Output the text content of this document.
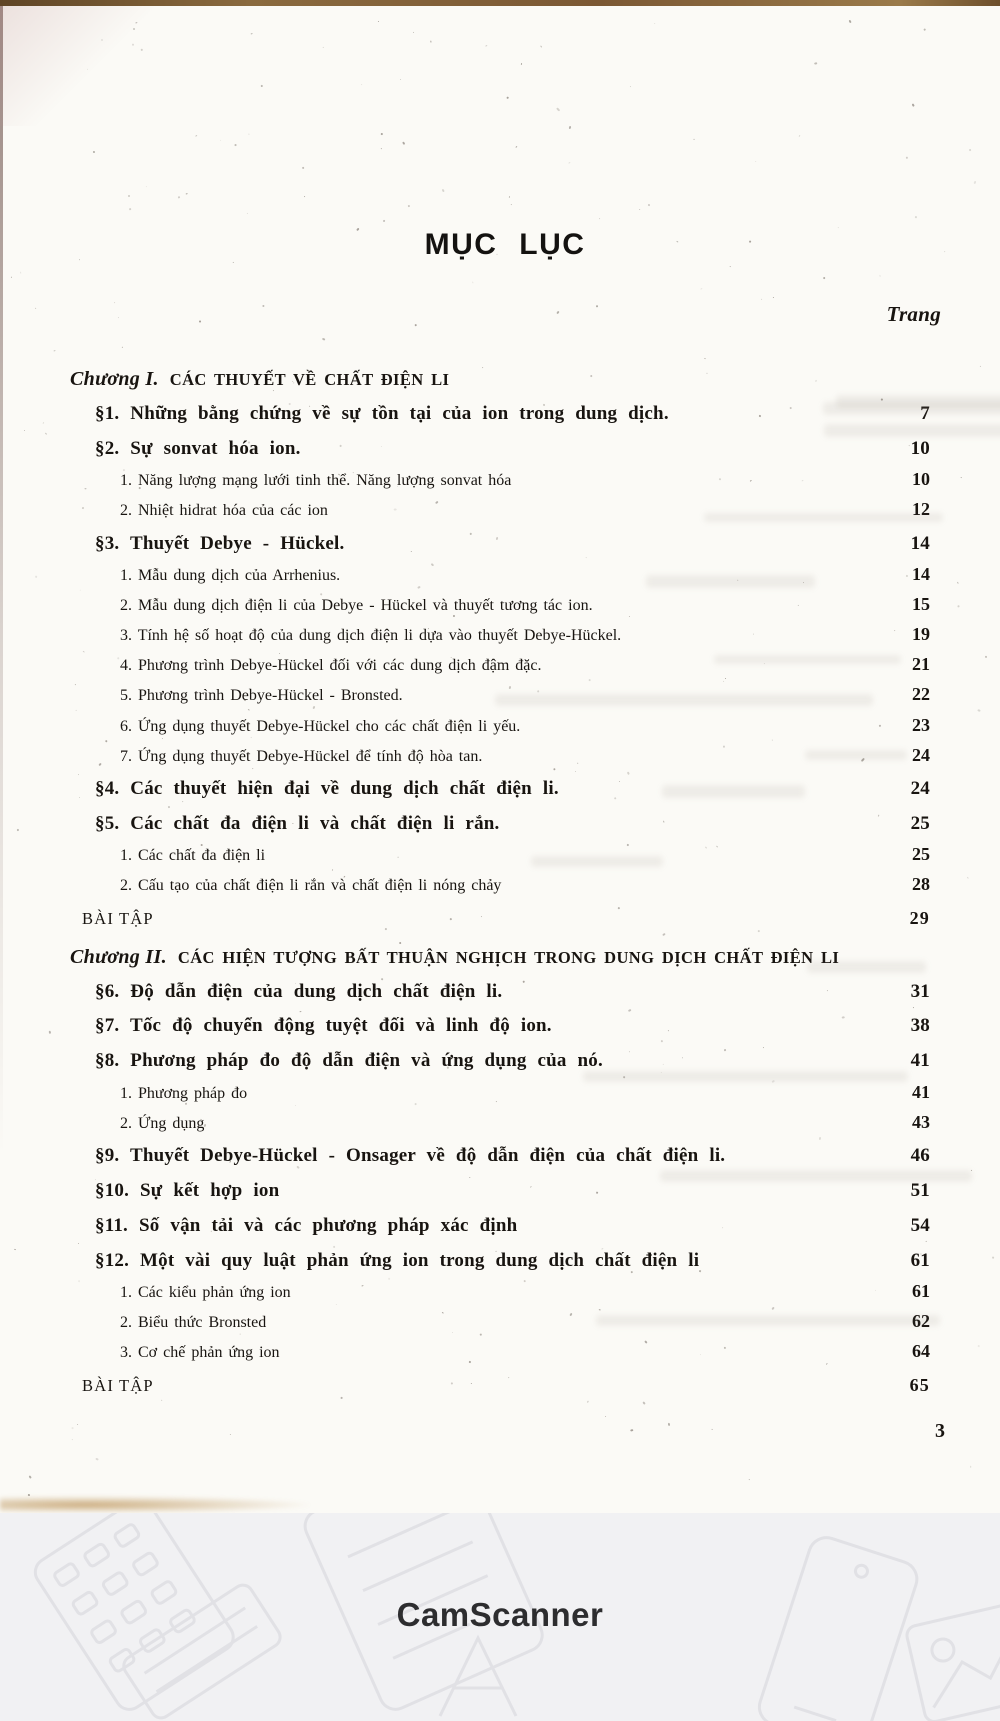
MỤC LỤC
Trang
Chương I. CÁC THUYẾT VỀ CHẤT ĐIỆN LI
§1. Những bằng chứng về sự tồn tại của ion trong dung dịch.	7
§2. Sự sonvat hóa ion.	10
1. Năng lượng mạng lưới tinh thể. Năng lượng sonvat hóa	10
2. Nhiệt hidrat hóa của các ion	12
§3. Thuyết Debye - Hückel.	14
1. Mẫu dung dịch của Arrhenius.	14
2. Mẫu dung dịch điện li của Debye - Hückel và thuyết tương tác ion.	15
3. Tính hệ số hoạt độ của dung dịch điện li dựa vào thuyết Debye-Hückel.	19
4. Phương trình Debye-Hückel đối với các dung dịch đậm đặc.	21
5. Phương trình Debye-Hückel - Bronsted.	22
6. Ứng dụng thuyết Debye-Hückel cho các chất điện li yếu.	23
7. Ứng dụng thuyết Debye-Hückel để tính độ hòa tan.	24
§4. Các thuyết hiện đại về dung dịch chất điện li.	24
§5. Các chất đa điện li và chất điện li rắn.	25
1. Các chất đa điện li	25
2. Cấu tạo của chất điện li rắn và chất điện li nóng chảy	28
BÀI TẬP	29
Chương II. CÁC HIỆN TƯỢNG BẤT THUẬN NGHỊCH TRONG DUNG DỊCH CHẤT ĐIỆN LI
§6. Độ dẫn điện của dung dịch chất điện li.	31
§7. Tốc độ chuyển động tuyệt đối và linh độ ion.	38
§8. Phương pháp đo độ dẫn điện và ứng dụng của nó.	41
1. Phương pháp đo	41
2. Ứng dụng	43
§9. Thuyết Debye-Hückel - Onsager về độ dẫn điện của chất điện li.	46
§10. Sự kết hợp ion	51
§11. Số vận tải và các phương pháp xác định	54
§12. Một vài quy luật phản ứng ion trong dung dịch chất điện li	61
1. Các kiểu phản ứng ion	61
2. Biểu thức Bronsted	62
3. Cơ chế phản ứng ion	64
BÀI TẬP	65
3
CamScanner
